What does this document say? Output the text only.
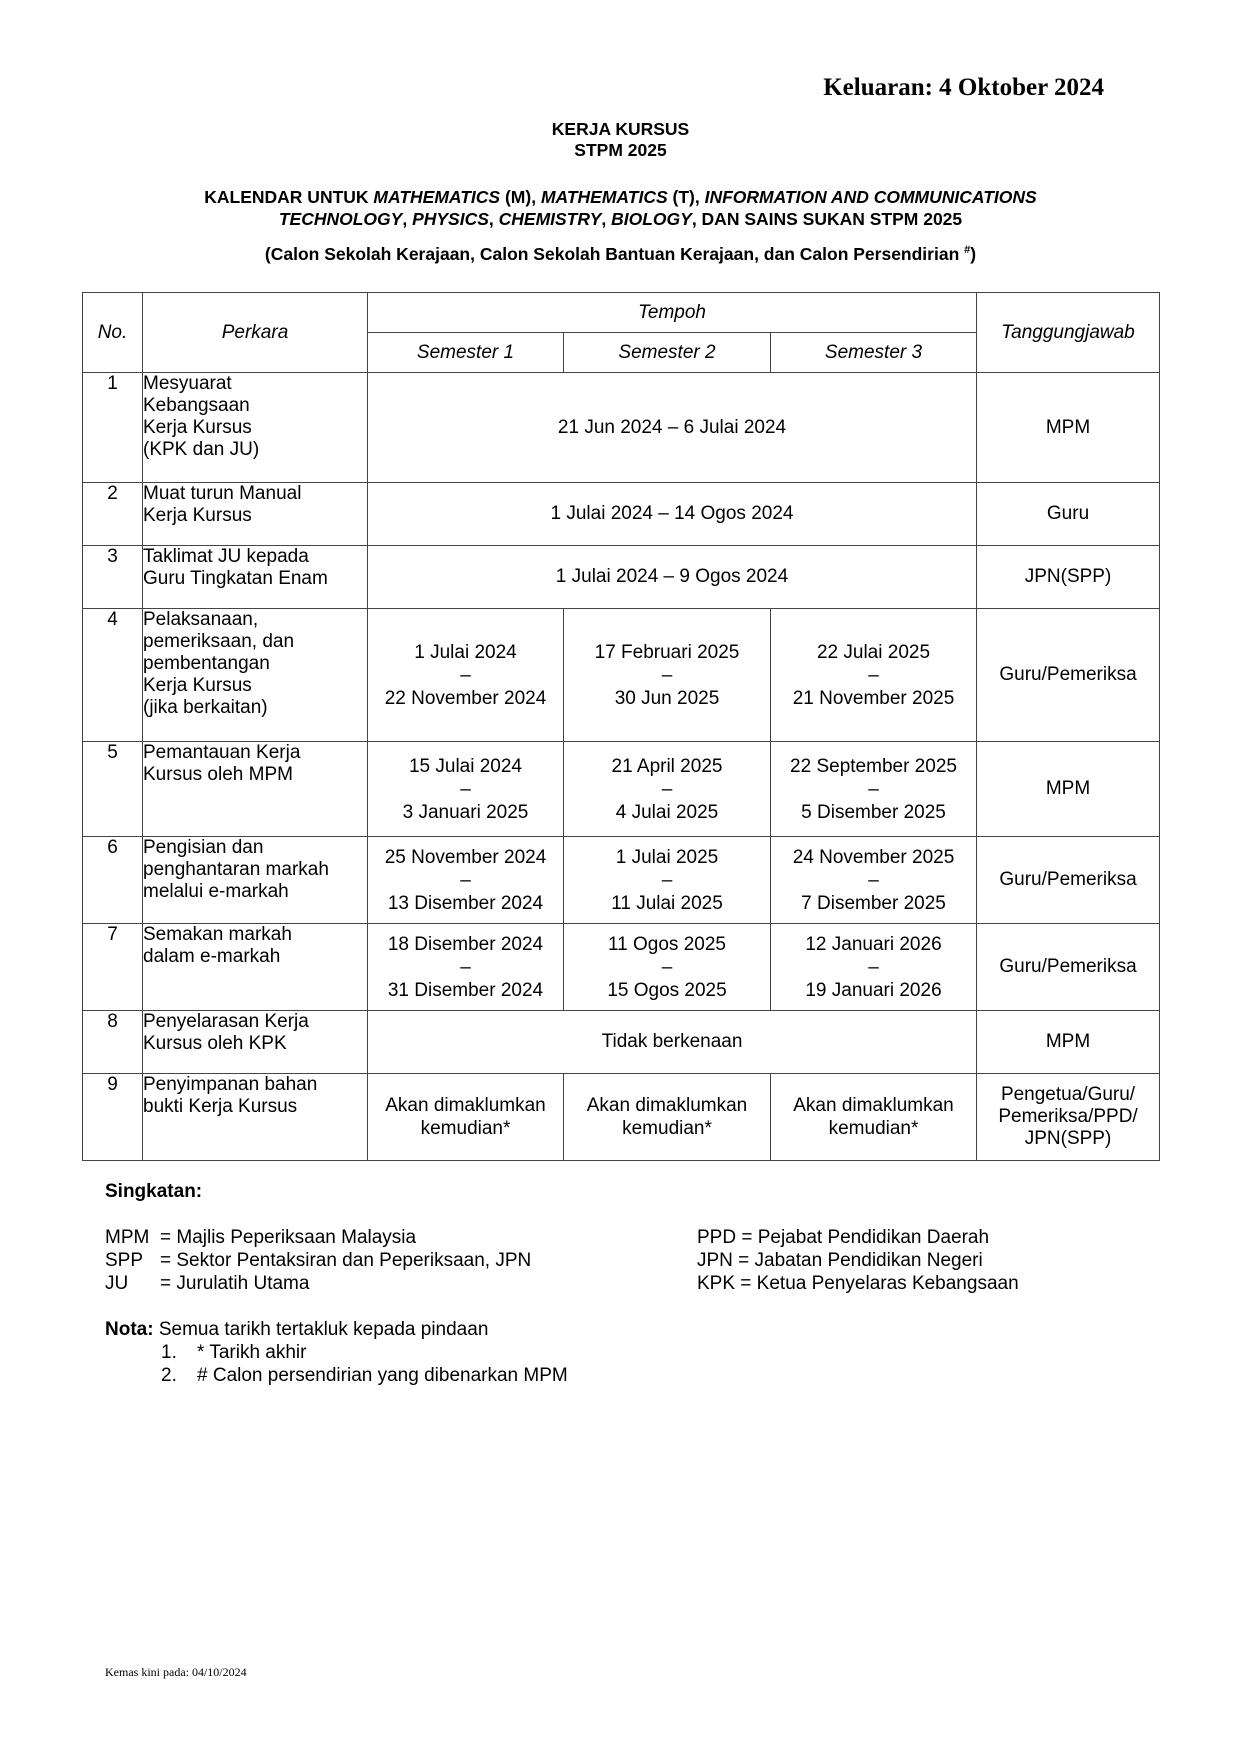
Keluaran: 4 Oktober 2024
KERJA KURSUS
STPM 2025
KALENDAR UNTUK MATHEMATICS (M), MATHEMATICS (T), INFORMATION AND COMMUNICATIONS
TECHNOLOGY, PHYSICS, CHEMISTRY, BIOLOGY, DAN SAINS SUKAN STPM 2025
(Calon Sekolah Kerajaan, Calon Sekolah Bantuan Kerajaan, dan Calon Persendirian #)
No.	Perkara	Tempoh			Tanggungjawab
		Semester 1	Semester 2	Semester 3	
1	Mesyuarat
Kebangsaan
Kerja Kursus
(KPK dan JU)	21 Jun 2024 – 6 Julai 2024			MPM
2	Muat turun Manual
Kerja Kursus	1 Julai 2024 – 14 Ogos 2024			Guru
3	Taklimat JU kepada
Guru Tingkatan Enam	1 Julai 2024 – 9 Ogos 2024			JPN(SPP)
4	Pelaksanaan,
pemeriksaan, dan
pembentangan
Kerja Kursus
(jika berkaitan)	1 Julai 2024
–
22 November 2024	17 Februari 2025
–
30 Jun 2025	22 Julai 2025
–
21 November 2025	Guru/Pemeriksa
5	Pemantauan Kerja
Kursus oleh MPM	15 Julai 2024
–
3 Januari 2025	21 April 2025
–
4 Julai 2025	22 September 2025
–
5 Disember 2025	MPM
6	Pengisian dan
penghantaran markah
melalui e-markah	25 November 2024
–
13 Disember 2024	1 Julai 2025
–
11 Julai 2025	24 November 2025
–
7 Disember 2025	Guru/Pemeriksa
7	Semakan markah
dalam e-markah	18 Disember 2024
–
31 Disember 2024	11 Ogos 2025
–
15 Ogos 2025	12 Januari 2026
–
19 Januari 2026	Guru/Pemeriksa
8	Penyelarasan Kerja
Kursus oleh KPK	Tidak berkenaan			MPM
9	Penyimpanan bahan
bukti Kerja Kursus	Akan dimaklumkan
kemudian*	Akan dimaklumkan
kemudian*	Akan dimaklumkan
kemudian*	Pengetua/Guru/
Pemeriksa/PPD/
JPN(SPP)
Singkatan:
MPM = Majlis Peperiksaan Malaysia
SPP = Sektor Pentaksiran dan Peperiksaan, JPN
JU	= Jurulatih Utama
PPD = Pejabat Pendidikan Daerah
JPN = Jabatan Pendidikan Negeri
KPK = Ketua Penyelaras Kebangsaan
Nota: Semua tarikh tertakluk kepada pindaan
1. * Tarikh akhir
2. # Calon persendirian yang dibenarkan MPM
Kemas kini pada: 04/10/2024
